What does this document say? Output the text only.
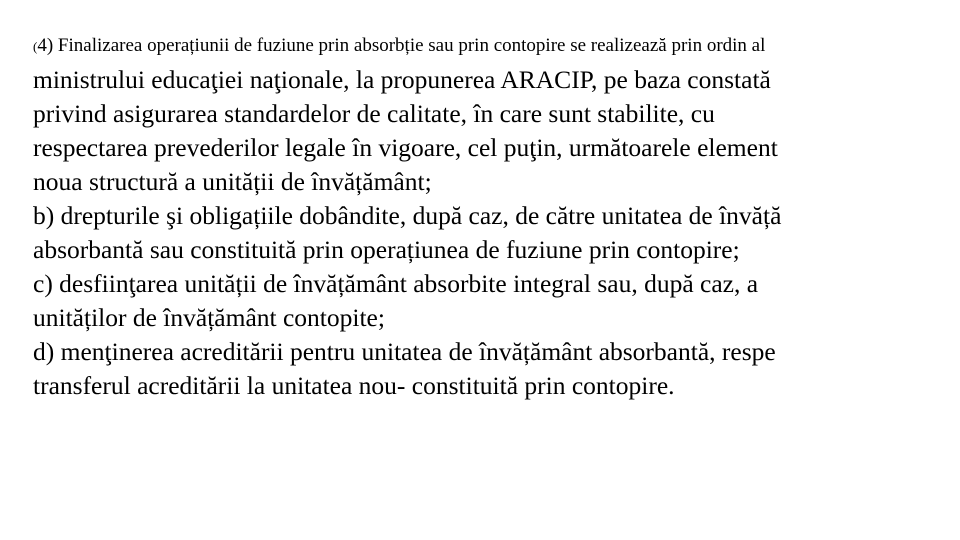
(4) Finalizarea operațiunii de fuziune prin absorbție sau prin contopire se realizează prin ordin al
ministrului educaţiei naţionale, la propunerea ARACIP, pe baza constată
privind asigurarea standardelor de calitate, în care sunt stabilite, cu
respectarea prevederilor legale în vigoare, cel puţin, următoarele element
noua structură a unității de învățământ;
b) drepturile şi obligațiile dobândite, după caz, de către unitatea de învăță
absorbantă sau constituită prin operațiunea de fuziune prin contopire;
c) desfiinţarea unității de învățământ absorbite integral sau, după caz, a
unităților de învățământ contopite;
d) menţinerea acreditării pentru unitatea de învățământ absorbantă, respe
transferul acreditării la unitatea nou- constituită prin contopire.
